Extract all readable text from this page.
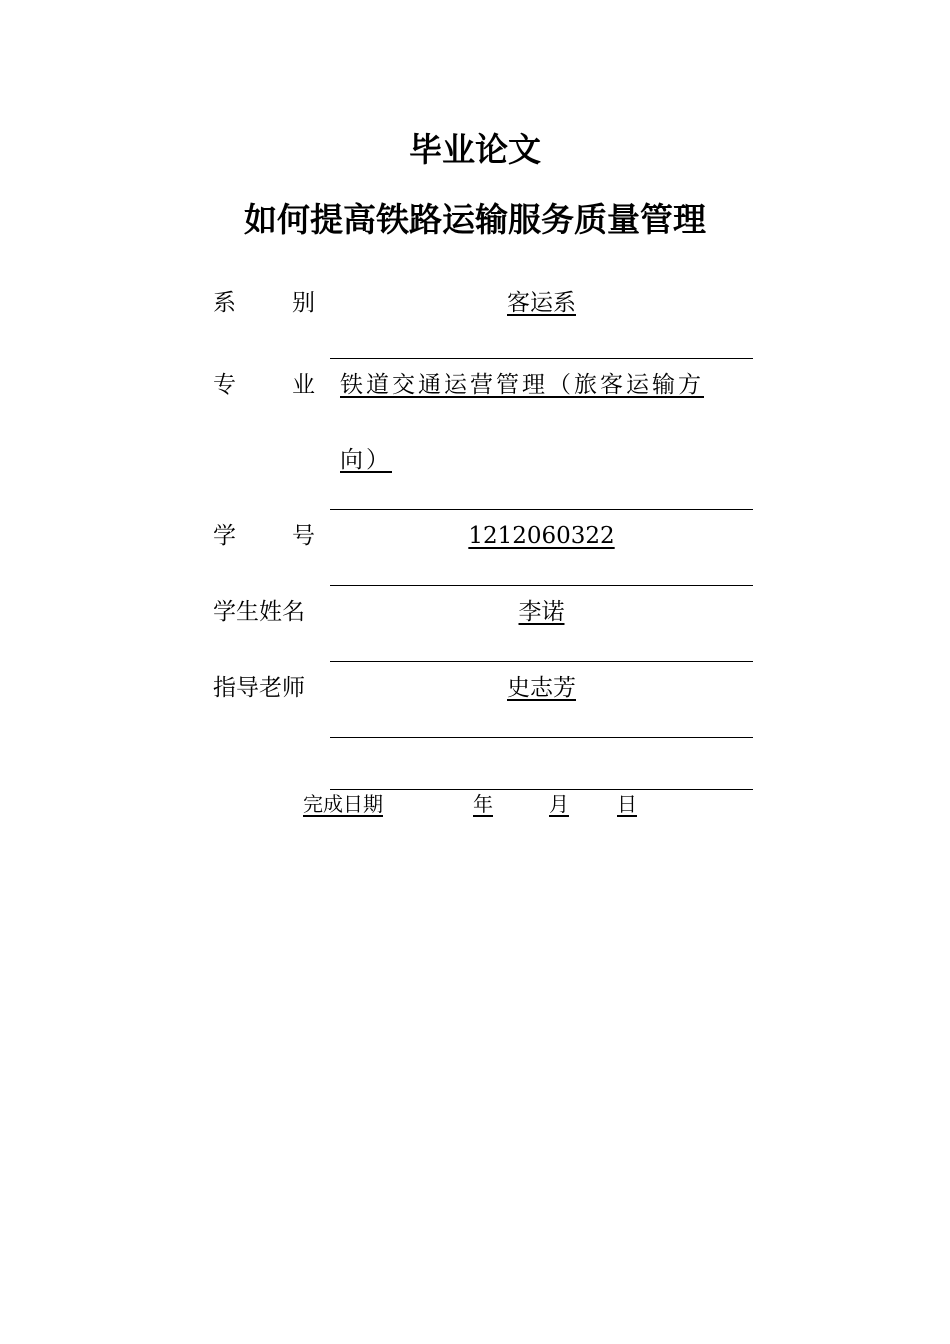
毕业论文
如何提高铁路运输服务质量管理
系 别	客运系
专 业	铁道交通运营管理（旅客运输方
向）
学 号	1212060322
学生姓名	李诺
指导老师	史志芳
完成日期	年	月 日
